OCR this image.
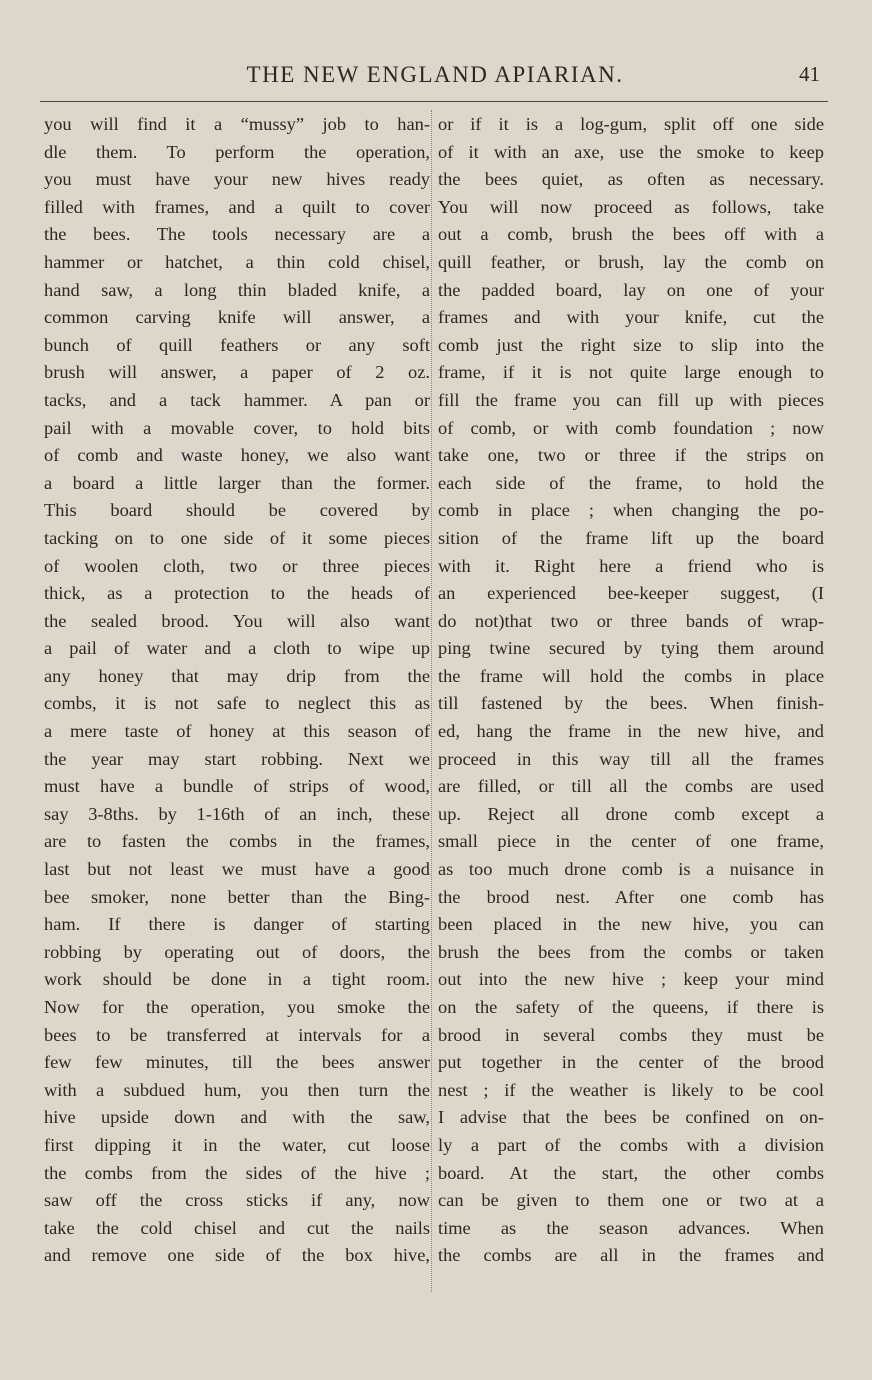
THE NEW ENGLAND APIARIAN.	41
you will find it a “mussy” job to han-
dle them. To perform the operation,
you must have your new hives ready
filled with frames, and a quilt to cover
the bees. The tools necessary are a
hammer or hatchet, a thin cold chisel,
hand saw, a long thin bladed knife, a
common carving knife will answer, a
bunch of quill feathers or any soft
brush will answer, a paper of 2 oz.
tacks, and a tack hammer. A pan or
pail with a movable cover, to hold bits
of comb and waste honey, we also want
a board a little larger than the former.
This board should be covered by
tacking on to one side of it some pieces
of woolen cloth, two or three pieces
thick, as a protection to the heads of
the sealed brood. You will also want
a pail of water and a cloth to wipe up
any honey that may drip from the
combs, it is not safe to neglect this as
a mere taste of honey at this season of
the year may start robbing. Next we
must have a bundle of strips of wood,
say 3-8ths. by 1-16th of an inch, these
are to fasten the combs in the frames,
last but not least we must have a good
bee smoker, none better than the Bing-
ham. If there is danger of starting
robbing by operating out of doors, the
work should be done in a tight room.
Now for the operation, you smoke the
bees to be transferred at intervals for a
few few minutes, till the bees answer
with a subdued hum, you then turn the
hive upside down and with the saw,
first dipping it in the water, cut loose
the combs from the sides of the hive ;
saw off the cross sticks if any, now
take the cold chisel and cut the nails
and remove one side of the box hive,
or if it is a log-gum, split off one side
of it with an axe, use the smoke to keep
the bees quiet, as often as necessary.
You will now proceed as follows, take
out a comb, brush the bees off with a
quill feather, or brush, lay the comb on
the padded board, lay on one of your
frames and with your knife, cut the
comb just the right size to slip into the
frame, if it is not quite large enough to
fill the frame you can fill up with pieces
of comb, or with comb foundation ; now
take one, two or three if the strips on
each side of the frame, to hold the
comb in place ; when changing the po-
sition of the frame lift up the board
with it. Right here a friend who is
an experienced bee-keeper suggest, (I
do not)that two or three bands of wrap-
ping twine secured by tying them around
the frame will hold the combs in place
till fastened by the bees. When finish-
ed, hang the frame in the new hive, and
proceed in this way till all the frames
are filled, or till all the combs are used
up. Reject all drone comb except a
small piece in the center of one frame,
as too much drone comb is a nuisance in
the brood nest. After one comb has
been placed in the new hive, you can
brush the bees from the combs or taken
out into the new hive ; keep your mind
on the safety of the queens, if there is
brood in several combs they must be
put together in the center of the brood
nest ; if the weather is likely to be cool
I advise that the bees be confined on on-
ly a part of the combs with a division
board. At the start, the other combs
can be given to them one or two at a
time as the season advances. When
the combs are all in the frames and
